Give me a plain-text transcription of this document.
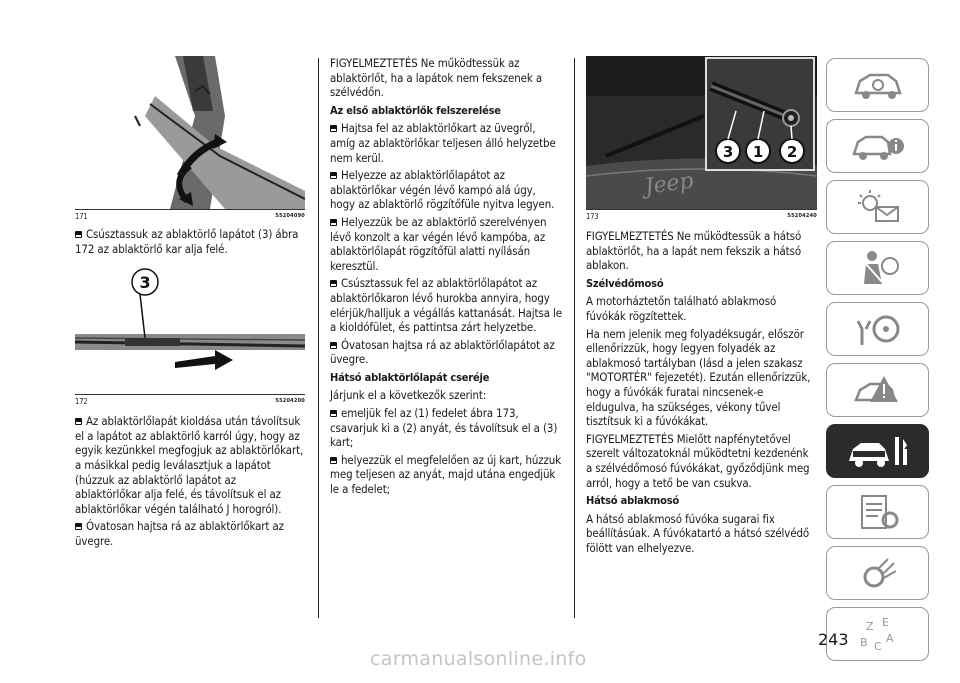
171	55204090

Csúsztassuk az ablaktörlő lapátot (3) ábra 172 az ablaktörlő kar alja felé.

3
172	55204200

Az ablaktörlőlapát kioldása után távolítsuk el a lapátot az ablaktörlő karról úgy, hogy az egyik kezünkkel megfogjuk az ablaktörlőkart, a másikkal pedig leválasztjuk a lapátot (húzzuk az ablaktörlő lapátot az ablaktörlőkar alja felé, és távolítsuk el az ablaktörlőkar végén található J horogról).

Óvatosan hajtsa rá az ablaktörlőkart az üvegre.

FIGYELMEZTETÉS Ne működtessük az ablaktörlőt, ha a lapátok nem fekszenek a szélvédőn.

Az első ablaktörlők felszerelése

Hajtsa fel az ablaktörlőkart az üvegről, amíg az ablaktörlőkar teljesen álló helyzetbe nem kerül.

Helyezze az ablaktörlőlapátot az ablaktörlőkar végén lévő kampó alá úgy, hogy az ablaktörlő rögzítőfüle nyitva legyen.

Helyezzük be az ablaktörlő szerelvényen lévő konzolt a kar végén lévő kampóba, az ablaktörlőlapát rögzítőfül alatti nyílásán keresztül.

Csúsztassuk fel az ablaktörlőlapátot az ablaktörlőkaron lévő hurokba annyira, hogy elérjük/halljuk a végállás kattanását. Hajtsa le a kioldófület, és pattintsa zárt helyzetbe.

Óvatosan hajtsa rá az ablaktörlőlapátot az üvegre.

Hátsó ablaktörlőlapát cseréje

Járjunk el a következők szerint:

emeljük fel az (1) fedelet ábra 173, csavarjuk ki a (2) anyát, és távolítsuk el a (3) kart;

helyezzük el megfelelően az új kart, húzzuk meg teljesen az anyát, majd utána engedjük le a fedelet;

Jeep
3 1 2
173	55204240

FIGYELMEZTETÉS Ne működtessük a hátsó ablaktörlőt, ha a lapát nem fekszik a hátsó ablakon.

Szélvédőmosó

A motorháztetőn található ablakmosó fúvókák rögzítettek.

Ha nem jelenik meg folyadéksugár, először ellenőrizzük, hogy legyen folyadék az ablakmosó tartályban (lásd a jelen szakasz "MOTORTÉR" fejezetét). Ezután ellenőrizzük, hogy a fúvókák furatai nincsenek-e eldugulva, ha szükséges, vékony tűvel tisztítsuk ki a fúvókákat.

FIGYELMEZTETÉS Mielőtt napfénytetővel szerelt változatoknál működtetni kezdenénk a szélvédőmosó fúvókákat, győződjünk meg arról, hogy a tető be van csukva.

Hátsó ablakmosó

A hátsó ablakmosó fúvóka sugarai fix beállításúak. A fúvókatartó a hátsó szélvédő fölött van elhelyezve.

Z E
B C
A
243
carmanualsonline.info
